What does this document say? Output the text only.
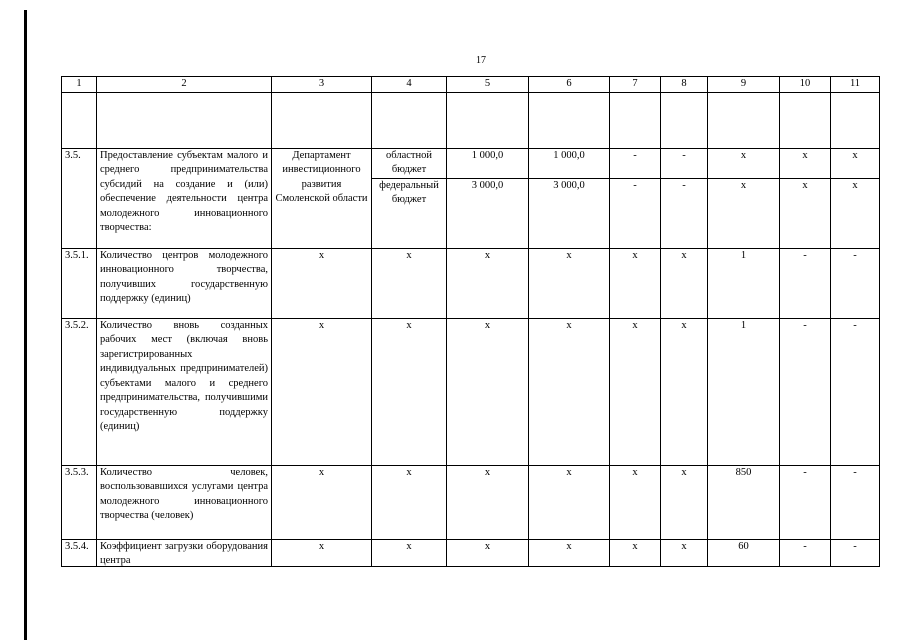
17
1	2	3	4	5	6	7	8	9	10	11

3.5.	Предоставление субъектам малого и среднего предпринимательства субсидий на создание и (или) обеспечение деятельности центра молодежного инновационного творчества:	Департамент инвестиционного развития Смоленской области	областной бюджет	1 000,0	1 000,0	-	-	x	x	x
			федеральный бюджет	3 000,0	3 000,0	-	-	x	x	x
3.5.1.	Количество центров молодежного инновационного творчества, получивших государственную поддержку (единиц)	x	x	x	x	x	x	1	-	-
3.5.2.	Количество вновь созданных рабочих мест (включая вновь зарегистрированных индивидуальных предпринимателей) субъектами малого и среднего предпринимательства, получившими государственную поддержку (единиц)	x	x	x	x	x	x	1	-	-
3.5.3.	Количество человек, воспользовавшихся услугами центра молодежного инновационного творчества (человек)	x	x	x	x	x	x	850	-	-
3.5.4.	Коэффициент загрузки оборудования центра	x	x	x	x	x	x	60	-	-
